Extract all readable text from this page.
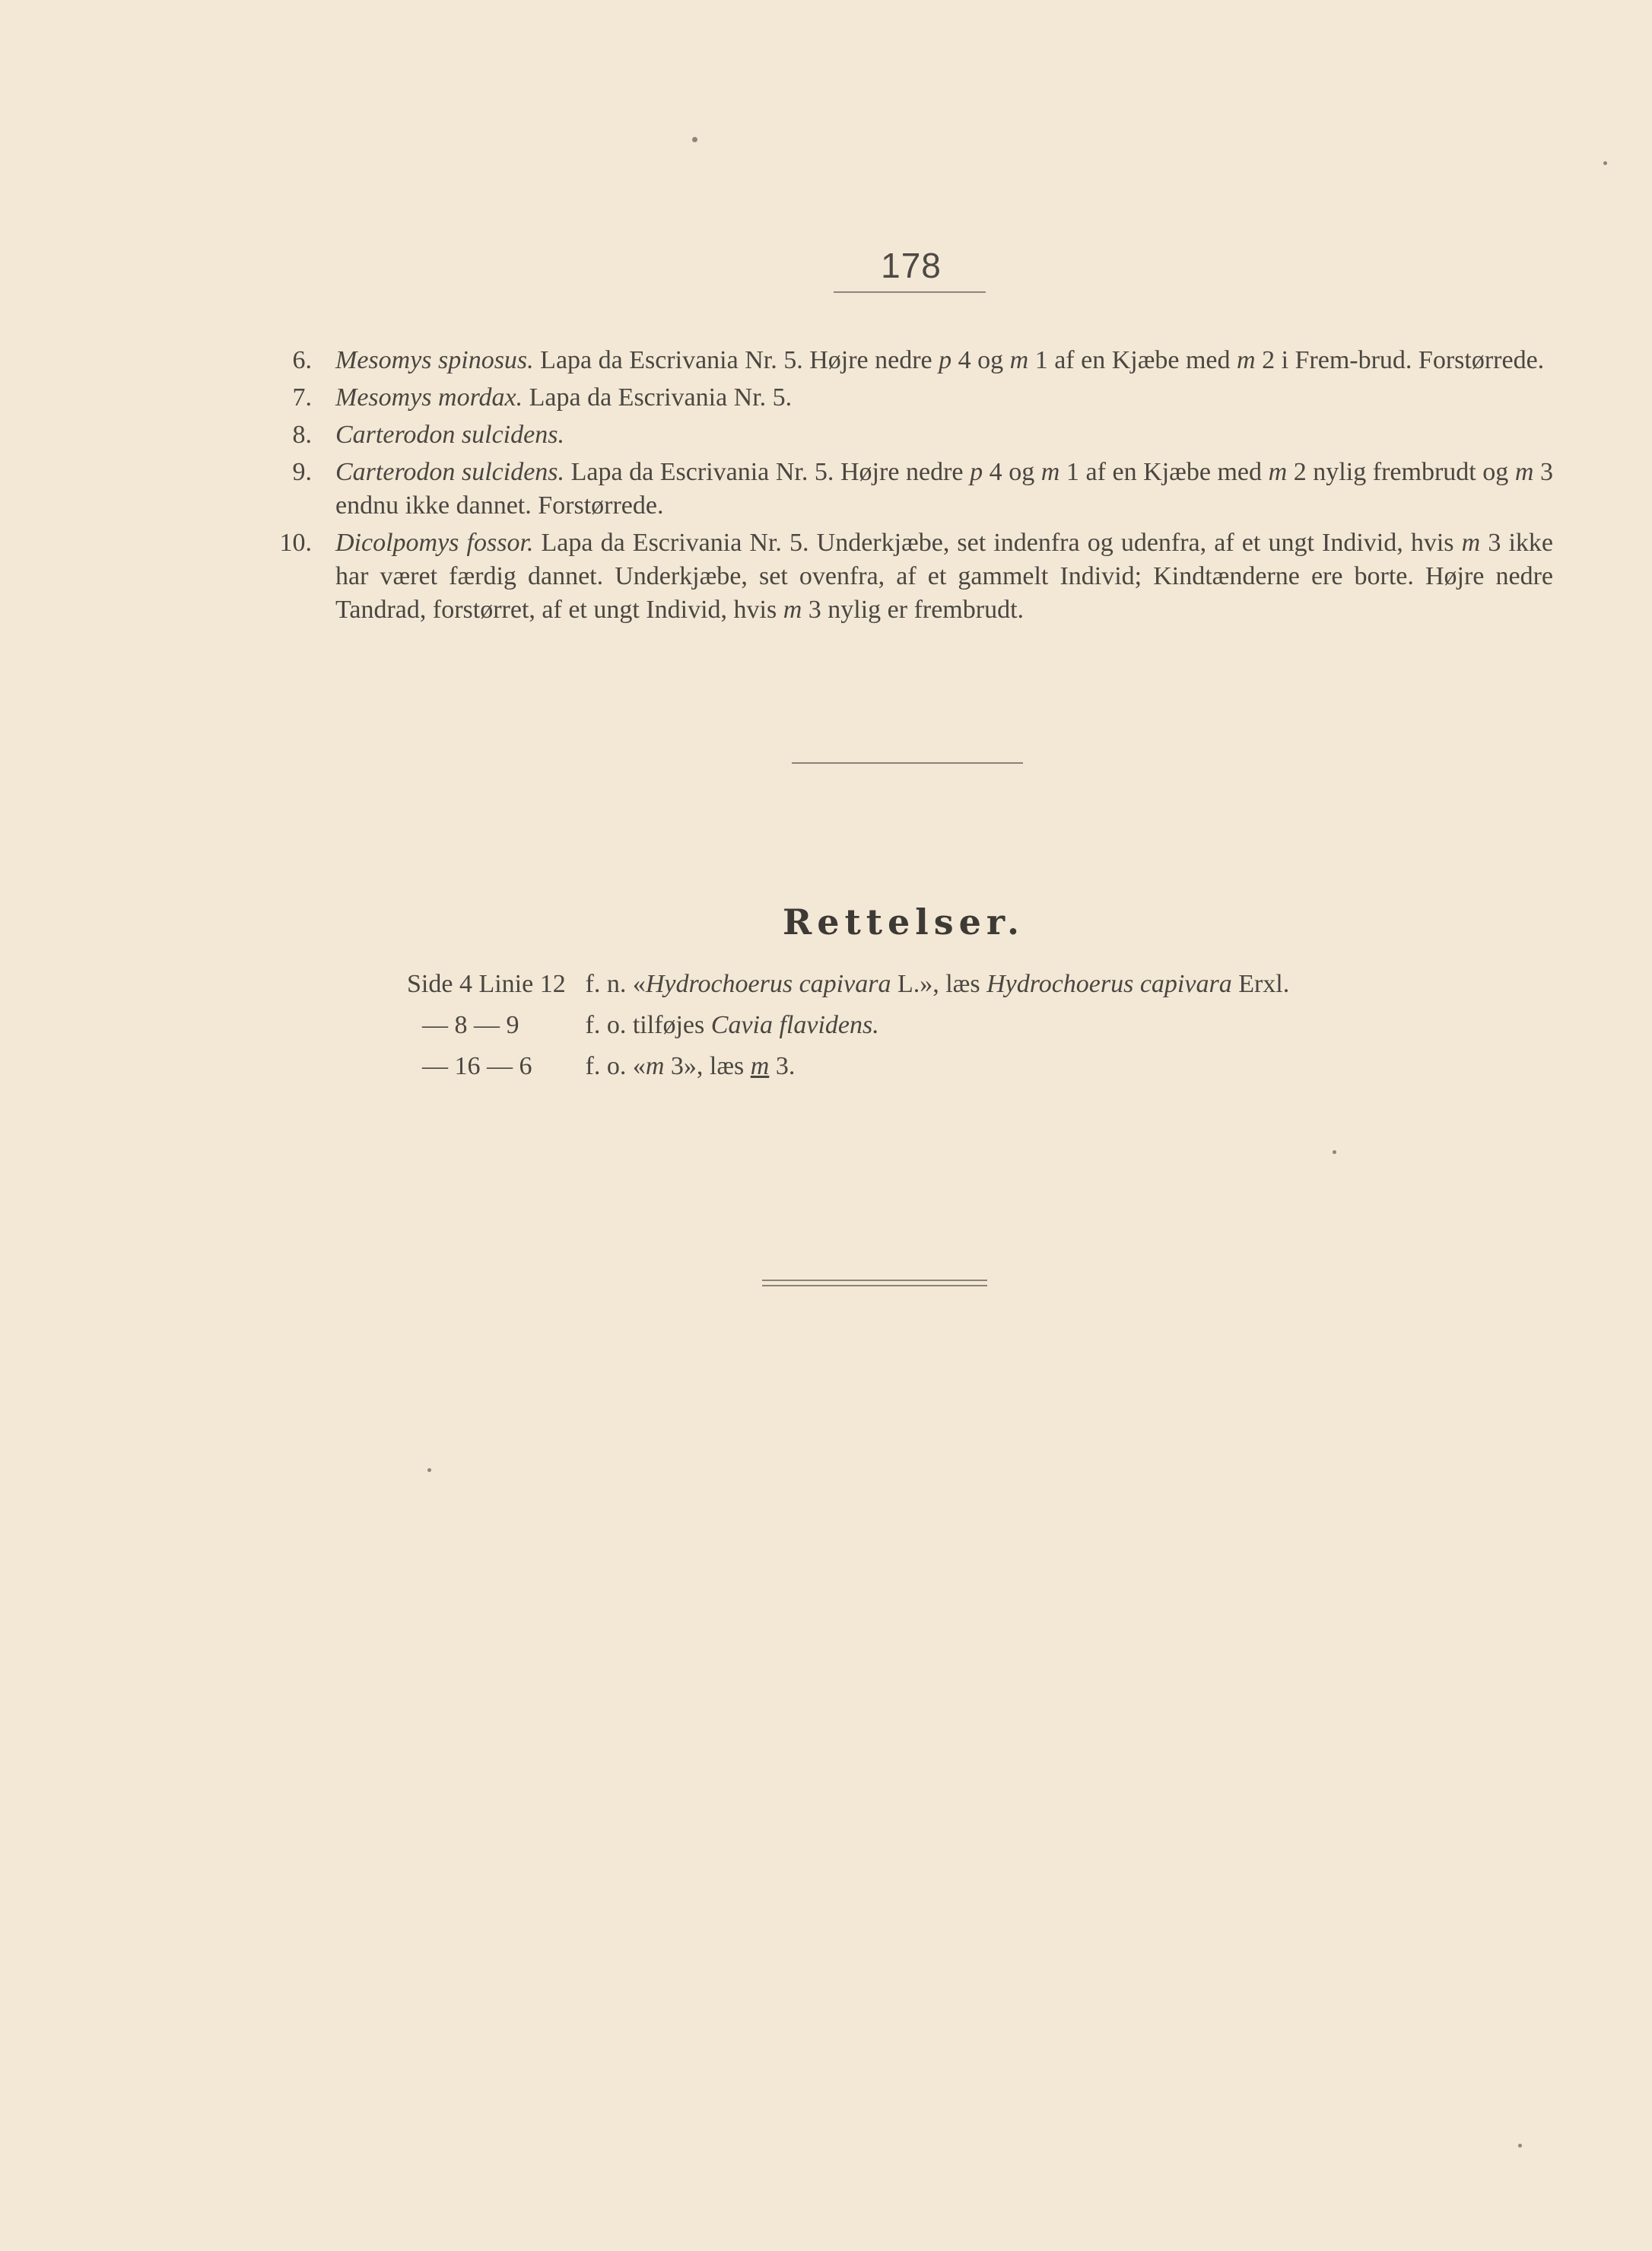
178
6. Mesomys spinosus. Lapa da Escrivania Nr. 5. Højre nedre p 4 og m 1 af en Kjæbe med m 2 i Frem-brud. Forstørrede.
7. Mesomys mordax. Lapa da Escrivania Nr. 5.
8. Carterodon sulcidens.
9. Carterodon sulcidens. Lapa da Escrivania Nr. 5. Højre nedre p 4 og m 1 af en Kjæbe med m 2 nylig frembrudt og m 3 endnu ikke dannet. Forstørrede.
10. Dicolpomys fossor. Lapa da Escrivania Nr. 5. Underkjæbe, set indenfra og udenfra, af et ungt Individ, hvis m 3 ikke har været færdig dannet. Underkjæbe, set ovenfra, af et gammelt Individ; Kindtænderne ere borte. Højre nedre Tandrad, forstørret, af et ungt Individ, hvis m 3 nylig er frembrudt.
Rettelser.
Side 4 Linie 12 f. n. «Hydrochoerus capivara L.», læs Hydrochoerus capivara Erxl.
— 8 — 9 f. o. tilføjes Cavia flavidens.
— 16 — 6 f. o. «m 3», læs m 3.
